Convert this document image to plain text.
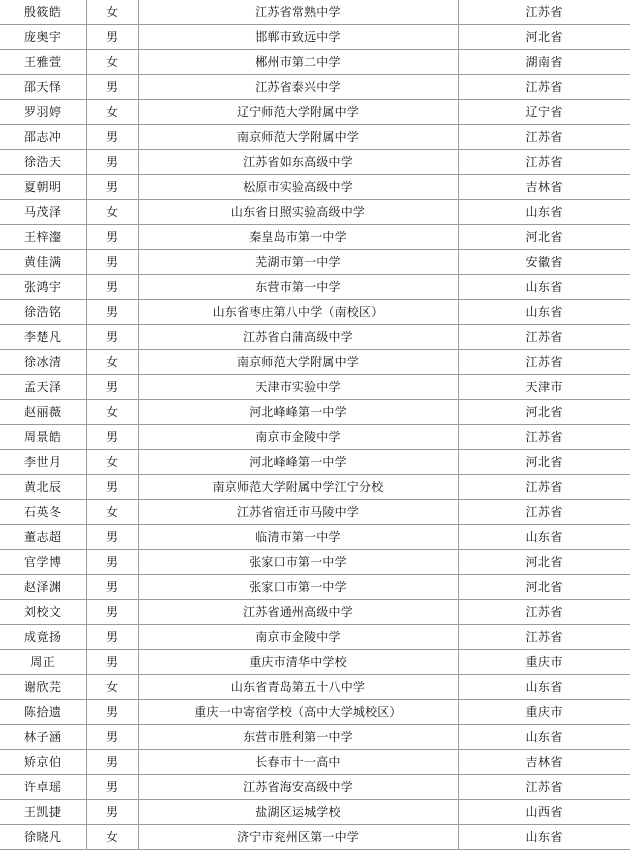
殷筱皓	女	江苏省常熟中学	江苏省
庞奥宇	男	邯郸市致远中学	河北省
王雅萱	女	郴州市第二中学	湖南省
邵天怿	男	江苏省泰兴中学	江苏省
罗羽婷	女	辽宁师范大学附属中学	辽宁省
邵志冲	男	南京师范大学附属中学	江苏省
徐浩天	男	江苏省如东高级中学	江苏省
夏朝明	男	松原市实验高级中学	吉林省
马茂泽	女	山东省日照实验高级中学	山东省
王梓瀣	男	秦皇岛市第一中学	河北省
黄佳满	男	芜湖市第一中学	安徽省
张鸿宇	男	东营市第一中学	山东省
徐浩铭	男	山东省枣庄第八中学（南校区）	山东省
李楚凡	男	江苏省白蒲高级中学	江苏省
徐冰清	女	南京师范大学附属中学	江苏省
孟天泽	男	天津市实验中学	天津市
赵丽薇	女	河北峰峰第一中学	河北省
周景皓	男	南京市金陵中学	江苏省
李世月	女	河北峰峰第一中学	河北省
黄北辰	男	南京师范大学附属中学江宁分校	江苏省
石英冬	女	江苏省宿迁市马陵中学	江苏省
董志超	男	临清市第一中学	山东省
官学博	男	张家口市第一中学	河北省
赵泽渊	男	张家口市第一中学	河北省
刘校文	男	江苏省通州高级中学	江苏省
成竟扬	男	南京市金陵中学	江苏省
周正	男	重庆市清华中学校	重庆市
谢欣芫	女	山东省青岛第五十八中学	山东省
陈拾遗	男	重庆一中寄宿学校（高中大学城校区）	重庆市
林子涵	男	东营市胜利第一中学	山东省
矫京伯	男	长春市十一高中	吉林省
许卓瑶	男	江苏省海安高级中学	江苏省
王凯捷	男	盐湖区运城学校	山西省
徐晓凡	女	济宁市兖州区第一中学	山东省
